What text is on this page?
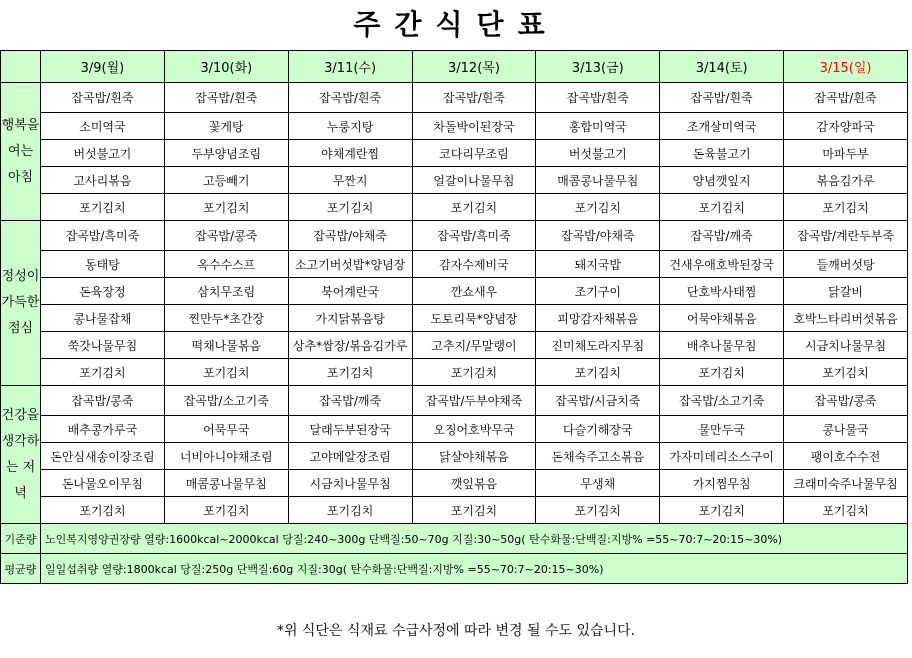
주간식단표
	3/9(월)	3/10(화)	3/11(수)	3/12(목)	3/13(금)	3/14(토)	3/15(일)
행복을 여는 아침	잡곡밥/흰죽	잡곡밥/흰죽	잡곡밥/흰죽	잡곡밥/흰죽	잡곡밥/흰죽	잡곡밥/흰죽	잡곡밥/흰죽
	소미역국	꽃게탕	누룽지탕	차돌박이된장국	홍합미역국	조개살미역국	감자양파국
	버섯불고기	두부양념조림	야채계란찜	코다리무조림	버섯불고기	돈육불고기	마파두부
	고사리볶음	고등빼기	무짠지	얼갈이나물무침	매콤콩나물무침	양념깻잎지	볶음김가루
	포기김치	포기김치	포기김치	포기김치	포기김치	포기김치	포기김치
정성이 가득한 점심	잡곡밥/흑미죽	잡곡밥/콩죽	잡곡밥/야채죽	잡곡밥/흑미죽	잡곡밥/야채죽	잡곡밥/깨죽	잡곡밥/계란두부죽
	동태탕	옥수수스프	소고기버섯밥*양념장	감자수제비국	돼지국밥	건새우애호박된장국	들깨버섯탕
	돈육장정	삼치무조림	북어계란국	깐쇼새우	조기구이	단호박사태찜	닭갈비
	콩나물잡채	찐만두*초간장	가지닭볶음탕	도토리묵*양념장	피망감자채볶음	어묵야채볶음	호박느타리버섯볶음
	쑥갓나물무침	떡채나물볶음	상추*쌈장/볶음김가루	고추지/무말랭이	진미채도라지무침	배추나물무침	시금치나물무침
	포기김치	포기김치	포기김치	포기김치	포기김치	포기김치	포기김치
건강을 생각하는 저녁	잡곡밥/콩죽	잡곡밥/소고기죽	잡곡밥/깨죽	잡곡밥/두부야채죽	잡곡밥/시금치죽	잡곡밥/소고기죽	잡곡밥/콩죽
	배추콩가루국	어묵무국	달래두부된장국	오징어호박무국	다슬기해장국	물만두국	콩나물국
	돈안심새송이장조림	너비아니야채조림	고야메알장조림	닭살야채볶음	돈채숙주고소볶음	가자미데리소스구이	팽이호수수전
	돈나물오이무침	매콤콩나물무침	시금치나물무침	깻잎볶음	무생채	가지찜무침	크래미숙주나물무침
	포기김치	포기김치	포기김치	포기김치	포기김치	포기김치	포기김치
기준량	노인복지영양권장량 열량:1600kcal~2000kcal 당질:240~300g 단백질:50~70g 지질:30~50g( 탄수화물:단백질:지방% =55~70:7~20:15~30%)						
평균량	일일섭취량 열량:1800kcal 당질:250g 단백질:60g 지질:30g( 탄수화물:단백질:지방% =55~70:7~20:15~30%)						
*위 식단은 식재료 수급사정에 따라 변경 될 수도 있습니다.
